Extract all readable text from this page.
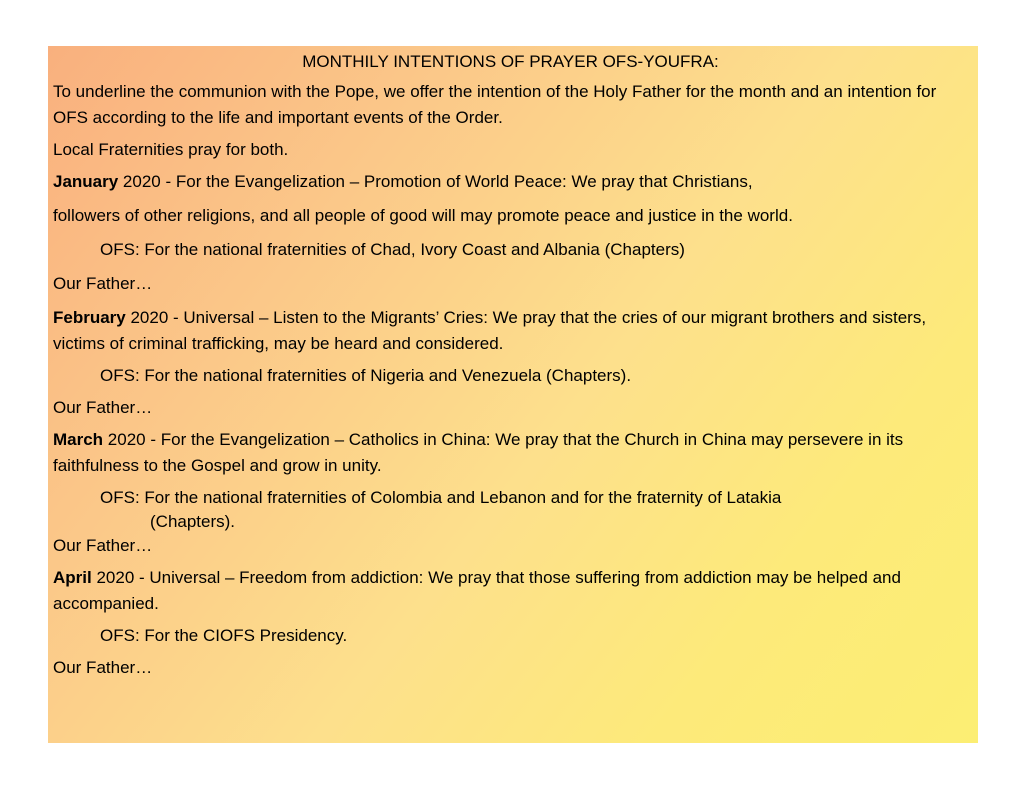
MONTHILY INTENTIONS OF PRAYER OFS-YOUFRA:

To underline the communion with the Pope, we offer the intention of the Holy Father for the month and an intention for OFS according to the life and important events of the Order.

Local Fraternities pray for both.

January 2020 - For the Evangelization – Promotion of World Peace: We pray that Christians,

followers of other religions, and all people of good will may promote peace and justice in the world.

OFS: For the national fraternities of Chad, Ivory Coast and Albania (Chapters)

Our Father…

February 2020 - Universal – Listen to the Migrants’ Cries: We pray that the cries of our migrant brothers and sisters, victims of criminal trafficking, may be heard and considered.

OFS: For the national fraternities of Nigeria and Venezuela (Chapters).

Our Father…

March 2020 - For the Evangelization – Catholics in China: We pray that the Church in China may persevere in its faithfulness to the Gospel and grow in unity.

OFS: For the national fraternities of Colombia and Lebanon and for the fraternity of Latakia
(Chapters).

Our Father…

April 2020 - Universal – Freedom from addiction: We pray that those suffering from addiction may be helped and accompanied.

OFS: For the CIOFS Presidency.

Our Father…
